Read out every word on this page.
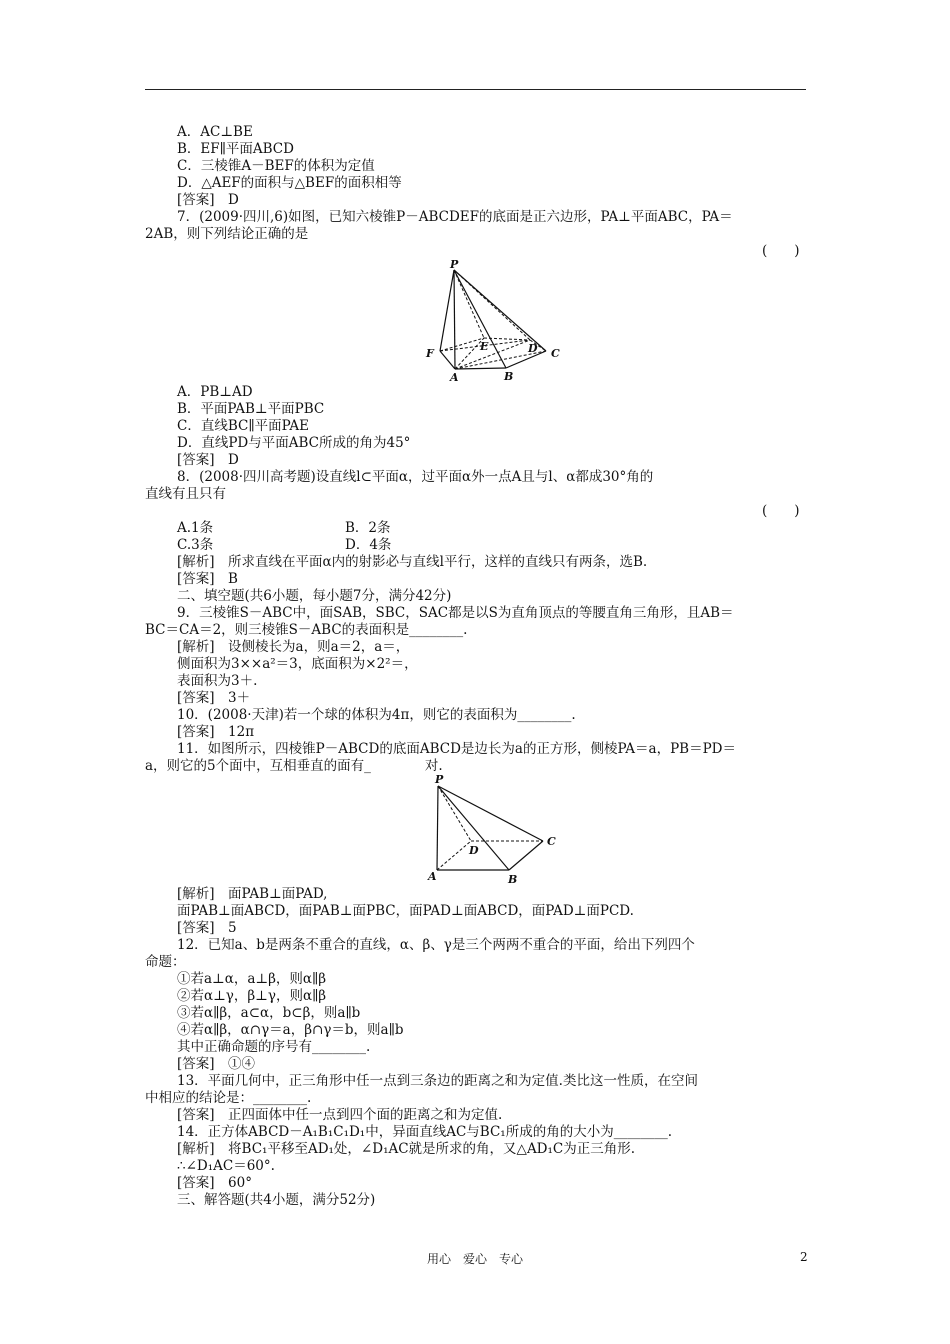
A．AC⊥BE
B．EF∥平面ABCD
C．三棱锥A－BEF的体积为定值
D．△AEF的面积与△BEF的面积相等
[答案]　D
7．(2009·四川,6)如图，已知六棱锥P－ABCDEF的底面是正六边形，PA⊥平面ABC，PA＝
2AB，则下列结论正确的是
(　　)
P
F
E	D C
A	B
A．PB⊥AD
B．平面PAB⊥平面PBC
C．直线BC∥平面PAE
D．直线PD与平面ABC所成的角为45°
[答案]　D
8．(2008·四川高考题)设直线l⊂平面α，过平面α外一点A且与l、α都成30°角的
直线有且只有
(　　)
A.1条	B．2条
C.3条	D．4条
[解析]　所求直线在平面α内的射影必与直线l平行，这样的直线只有两条，选B.
[答案]　B
二、填空题(共6小题，每小题7分，满分42分)
9．三棱锥S－ABC中，面SAB，SBC，SAC都是以S为直角顶点的等腰直角三角形，且AB＝
BC＝CA＝2，则三棱锥S－ABC的表面积是________.
[解析]　设侧棱长为a，则a＝2，a＝，
侧面积为3××a²＝3，底面积为×2²＝，
表面积为3＋.
[答案]　3＋
10．(2008·天津)若一个球的体积为4π，则它的表面积为________.
[答案]　12π
11．如图所示，四棱锥P－ABCD的底面ABCD是边长为a的正方形，侧棱PA＝a，PB＝PD＝
a，则它的5个面中，互相垂直的面有_　　　　对.
P
D
C
A	B
[解析]　面PAB⊥面PAD,
面PAB⊥面ABCD，面PAB⊥面PBC，面PAD⊥面ABCD，面PAD⊥面PCD.
[答案]　5
12．已知a、b是两条不重合的直线，α、β、γ是三个两两不重合的平面，给出下列四个
命题：
①若a⊥α，a⊥β，则α∥β
②若α⊥γ，β⊥γ，则α∥β
③若α∥β，a⊂α，b⊂β，则a∥b
④若α∥β，α∩γ＝a，β∩γ＝b，则a∥b
其中正确命题的序号有________.
[答案]　①④
13．平面几何中，正三角形中任一点到三条边的距离之和为定值.类比这一性质，在空间
中相应的结论是：________.
[答案]　正四面体中任一点到四个面的距离之和为定值.
14．正方体ABCD－A₁B₁C₁D₁中，异面直线AC与BC₁所成的角的大小为________.
[解析]　将BC₁平移至AD₁处，∠D₁AC就是所求的角，又△AD₁C为正三角形.
∴∠D₁AC＝60°.
[答案]　60°
三、解答题(共4小题，满分52分)
用心　爱心　专心	2
